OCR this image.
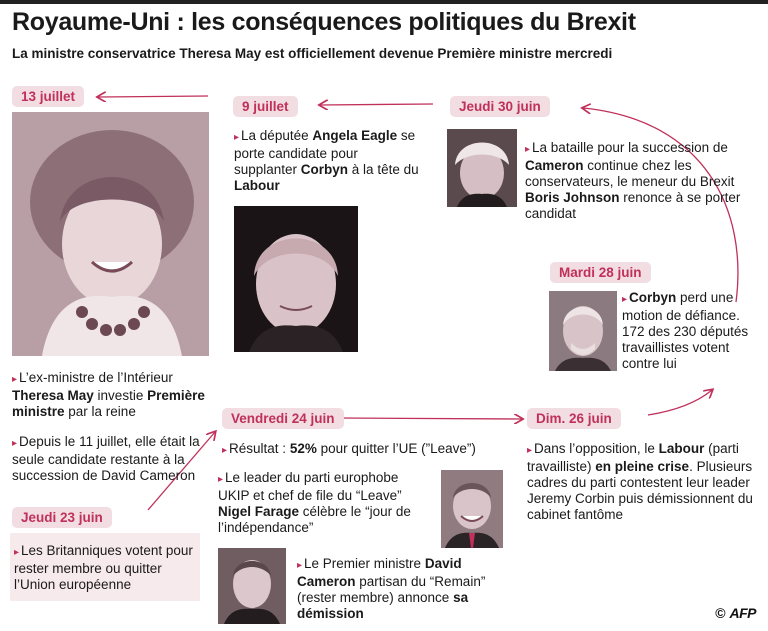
Royaume-Uni : les conséquences politiques du Brexit
La ministre conservatrice Theresa May est officiellement devenue Première ministre mercredi
13 juillet

▸ L’ex-ministre de l’Intérieur Theresa May investie Première ministre par la reine

▸ Depuis le 11 juillet, elle était la seule candidate restante à la succession de David Cameron

Jeudi 23 juin

▸ Les Britanniques votent pour rester membre ou quitter l’Union européenne

9 juillet

▸ La députée Angela Eagle se porte candidate pour supplanter Corbyn à la tête du Labour

Jeudi 30 juin

▸ La bataille pour la succession de Cameron continue chez les conservateurs, le meneur du Brexit Boris Johnson renonce à se porter candidat

Mardi 28 juin

▸ Corbyn perd une motion de défiance. 172 des 230 députés travaillistes votent contre lui

Dim. 26 juin

▸ Dans l’opposition, le Labour (parti travailliste) en pleine crise. Plusieurs cadres du parti contestent leur leader Jeremy Corbin puis démissionnent du cabinet fantôme

Vendredi 24 juin

▸ Résultat : 52% pour quitter l’UE (”Leave”)

▸ Le leader du parti europhobe UKIP et chef de file du “Leave” Nigel Farage célèbre le “jour de l’indépendance”

▸ Le Premier ministre David Cameron partisan du “Remain” (rester membre) annonce sa démission	© AFP
